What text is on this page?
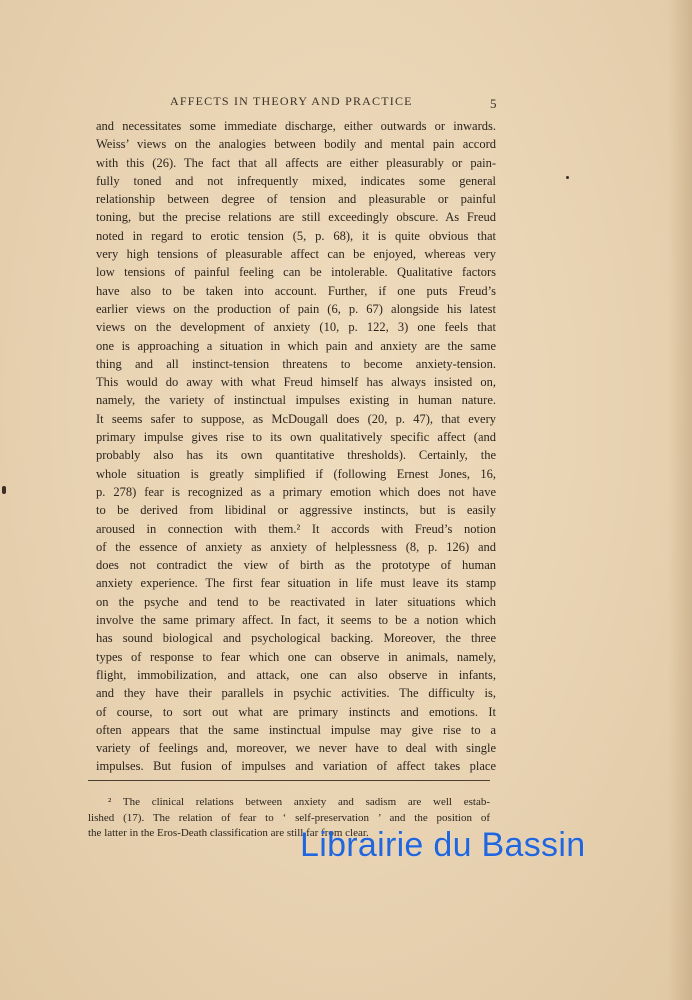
AFFECTS IN THEORY AND PRACTICE	5
and necessitates some immediate discharge, either outwards or inwards.
Weiss’ views on the analogies between bodily and mental pain accord
with this (26). The fact that all affects are either pleasurably or pain-
fully toned and not infrequently mixed, indicates some general
relationship between degree of tension and pleasurable or painful
toning, but the precise relations are still exceedingly obscure. As Freud
noted in regard to erotic tension (5, p. 68), it is quite obvious that
very high tensions of pleasurable affect can be enjoyed, whereas very
low tensions of painful feeling can be intolerable. Qualitative factors
have also to be taken into account. Further, if one puts Freud’s
earlier views on the production of pain (6, p. 67) alongside his latest
views on the development of anxiety (10, p. 122, 3) one feels that
one is approaching a situation in which pain and anxiety are the same
thing and all instinct-tension threatens to become anxiety-tension.
This would do away with what Freud himself has always insisted on,
namely, the variety of instinctual impulses existing in human nature.
It seems safer to suppose, as McDougall does (20, p. 47), that every
primary impulse gives rise to its own qualitatively specific affect (and
probably also has its own quantitative thresholds). Certainly, the
whole situation is greatly simplified if (following Ernest Jones, 16,
p. 278) fear is recognized as a primary emotion which does not have
to be derived from libidinal or aggressive instincts, but is easily
aroused in connection with them.² It accords with Freud’s notion
of the essence of anxiety as anxiety of helplessness (8, p. 126) and
does not contradict the view of birth as the prototype of human
anxiety experience. The first fear situation in life must leave its stamp
on the psyche and tend to be reactivated in later situations which
involve the same primary affect. In fact, it seems to be a notion which
has sound biological and psychological backing. Moreover, the three
types of response to fear which one can observe in animals, namely,
flight, immobilization, and attack, one can also observe in infants,
and they have their parallels in psychic activities. The difficulty is,
of course, to sort out what are primary instincts and emotions. It
often appears that the same instinctual impulse may give rise to a
variety of feelings and, moreover, we never have to deal with single
impulses. But fusion of impulses and variation of affect takes place
² The clinical relations between anxiety and sadism are well estab-
lished (17). The relation of fear to ‘ self-preservation ’ and the position of
the latter in the Eros-Death classification are still far from clear.
Librairie du Bassin
